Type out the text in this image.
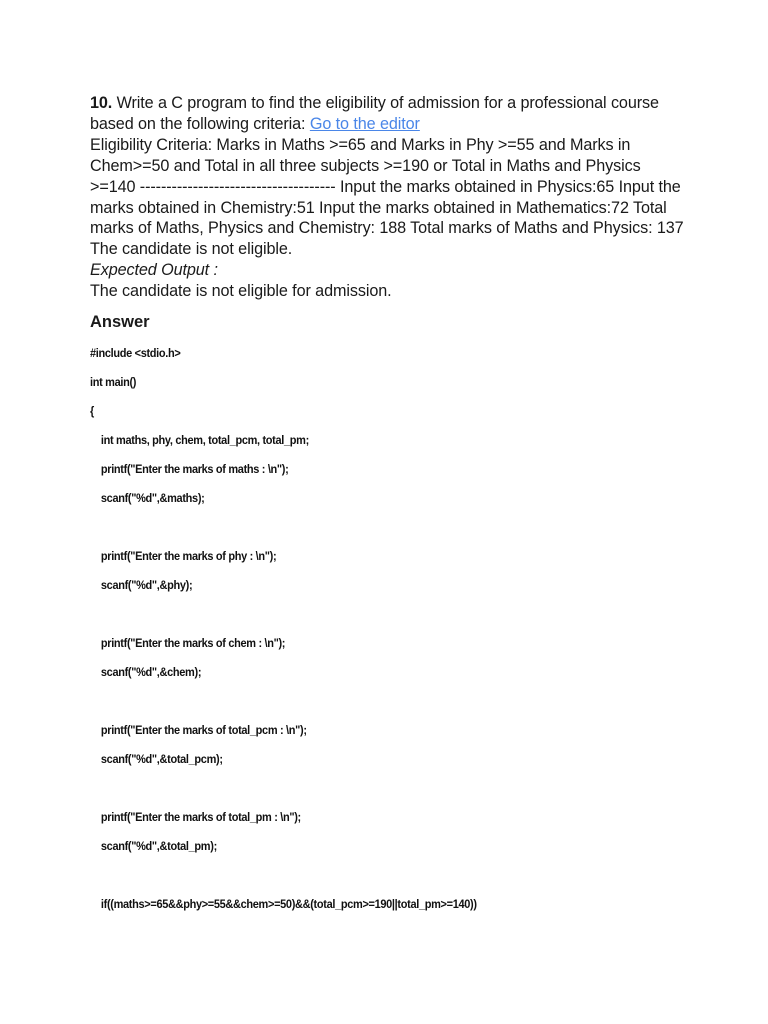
10. Write a C program to find the eligibility of admission for a professional course based on the following criteria: Go to the editor
Eligibility Criteria: Marks in Maths >=65 and Marks in Phy >=55 and Marks in Chem>=50 and Total in all three subjects >=190 or Total in Maths and Physics >=140 ------------------------------------- Input the marks obtained in Physics:65 Input the marks obtained in Chemistry:51 Input the marks obtained in Mathematics:72 Total marks of Maths, Physics and Chemistry: 188 Total marks of Maths and Physics: 137 The candidate is not eligible.
Expected Output :
The candidate is not eligible for admission.
Answer
#include <stdio.h>
int main()
{
int maths, phy, chem, total_pcm, total_pm;
printf("Enter the marks of maths : \n");
scanf("%d",&maths);
printf("Enter the marks of phy : \n");
scanf("%d",&phy);
printf("Enter the marks of chem : \n");
scanf("%d",&chem);
printf("Enter the marks of total_pcm : \n");
scanf("%d",&total_pcm);
printf("Enter the marks of total_pm : \n");
scanf("%d",&total_pm);
if((maths>=65&&phy>=55&&chem>=50)&&(total_pcm>=190||total_pm>=140))
